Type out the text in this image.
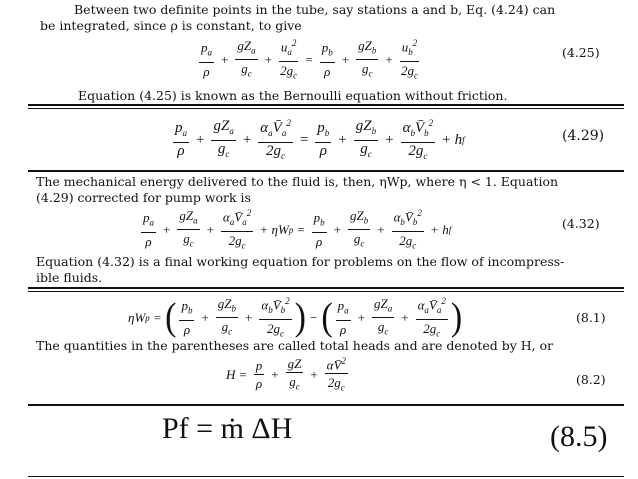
Between two definite points in the tube, say stations a and b, Eq. (4.24) can
be integrated, since ρ is constant, to give
$\frac{p_a}{\rho} + \frac{gZ_a}{g_c} + \frac{u_a^2}{2g_c} = \frac{p_b}{\rho} + \frac{gZ_b}{g_c} + \frac{u_b^2}{2g_c}$	(4.25)
Equation (4.25) is known as the Bernoulli equation without friction.
$\frac{p_a}{\rho} + \frac{gZ_a}{g_c} + \frac{\alpha_aV̄_a^2}{2g_c} = \frac{p_b}{\rho} + \frac{gZ_b}{g_c} + \frac{\alpha_bV̄_b^2}{2g_c} + h$ f	(4.29)
The mechanical energy delivered to the fluid is, then, ηWp, where η < 1. Equation
(4.29) corrected for pump work is
$\frac{p_a}{\rho} + \frac{gZ_a}{g_c} + \frac{\alpha_aV̄_a^2}{2g_c} + \eta W$ $p = \frac{p_b}{\rho} + \frac{gZ_b}{g_c} + \frac{\alpha_bV̄_b^2}{2g_c} + h$ f	(4.32)
Equation (4.32) is a final working equation for problems on the flow of incompress-
ible fluids.
ηW p = ( $\frac{p_b}{\rho} + \frac{gZ_b}{g_c} + \frac{\alpha_bV̄_b^2}{2g_c}$ ) − ( $\frac{p_a}{\rho} + \frac{gZ_a}{g_c} + \frac{\alpha_aV̄_a^2}{2g_c}$ )	(8.1)
The quantities in the parentheses are called total heads and are denoted by H, or
$H = \frac{p}{\rho} + \frac{gZ}{g_c} + \frac{\alpha V̄^2}{2g_c}$	(8.2)
Pf = ṁ ΔH	(8.5)
